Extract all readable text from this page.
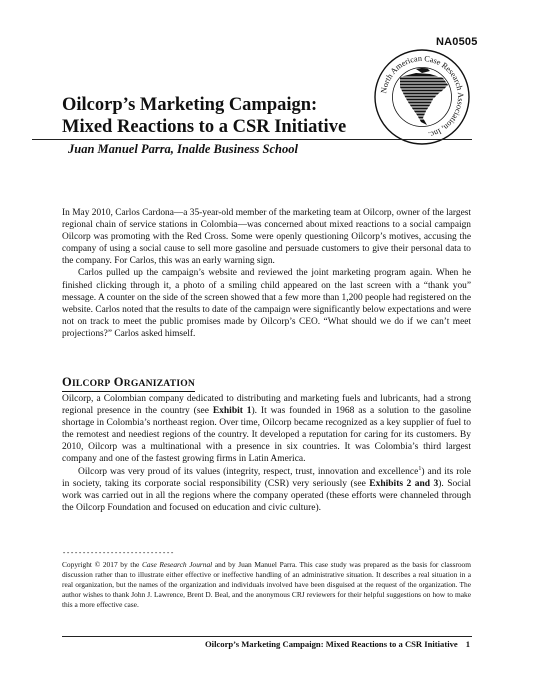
NA0505
North American Case Research Association, Inc.
Oilcorp’s Marketing Campaign:
Mixed Reactions to a CSR Initiative
Juan Manuel Parra, Inalde Business School

In May 2010, Carlos Cardona—a 35-year-old member of the marketing team at Oilcorp, owner of the largest regional chain of service stations in Colombia—was concerned about mixed reactions to a social campaign Oilcorp was promoting with the Red Cross. Some were openly questioning Oilcorp’s motives, accusing the company of using a social cause to sell more gasoline and persuade customers to give their personal data to the company. For Carlos, this was an early warning sign.

Carlos pulled up the campaign’s website and reviewed the joint marketing program again. When he finished clicking through it, a photo of a smiling child appeared on the last screen with a “thank you” message. A counter on the side of the screen showed that a few more than 1,200 people had registered on the website. Carlos noted that the results to date of the campaign were significantly below expectations and were not on track to meet the public promises made by Oilcorp’s CEO. “What should we do if we can’t meet projections?” Carlos asked himself.

OILCORP ORGANIZATION

Oilcorp, a Colombian company dedicated to distributing and marketing fuels and lubricants, had a strong regional presence in the country (see Exhibit 1). It was founded in 1968 as a solution to the gasoline shortage in Colombia’s northeast region. Over time, Oilcorp became recognized as a key supplier of fuel to the remotest and neediest regions of the country. It developed a reputation for caring for its customers. By 2010, Oilcorp was a multinational with a presence in six countries. It was Colombia’s third largest company and one of the fastest growing firms in Latin America.

Oilcorp was very proud of its values (integrity, respect, trust, innovation and excellence$^1$) and its role in society, taking its corporate social responsibility (CSR) very seriously (see Exhibits 2 and 3). Social work was carried out in all the regions where the company operated (these efforts were channeled through the Oilcorp Foundation and focused on education and civic culture).

----------------------------

Copyright © 2017 by the Case Research Journal and by Juan Manuel Parra. This case study was prepared as the basis for classroom discussion rather than to illustrate either effective or ineffective handling of an administrative situation. It describes a real situation in a real organization, but the names of the organization and individuals involved have been disguised at the request of the organization. The author wishes to thank John J. Lawrence, Brent D. Beal, and the anonymous CRJ reviewers for their helpful suggestions on how to make this a more effective case.

Oilcorp’s Marketing Campaign: Mixed Reactions to a CSR Initiative 1
